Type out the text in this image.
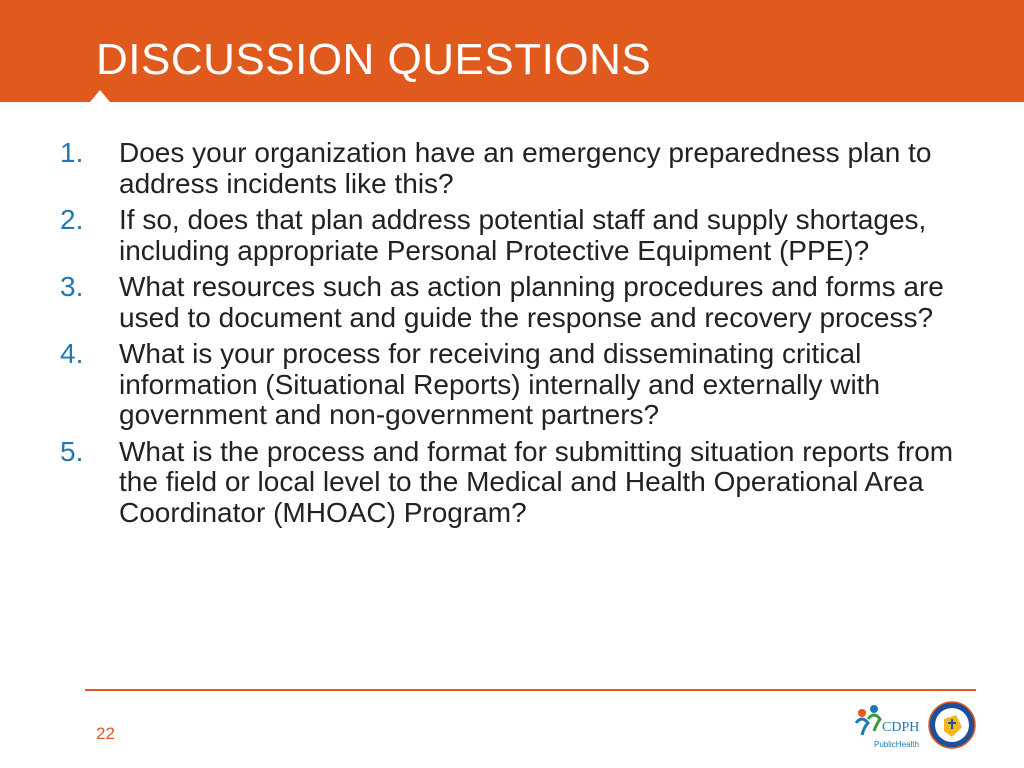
DISCUSSION QUESTIONS
1. Does your organization have an emergency preparedness plan to address incidents like this?
2. If so, does that plan address potential staff and supply shortages, including appropriate Personal Protective Equipment (PPE)?
3. What resources such as action planning procedures and forms are used to document and guide the response and recovery process?
4. What is your process for receiving and disseminating critical information (Situational Reports) internally and externally with government and non-government partners?
5. What is the process and format for submitting situation reports from the field or local level to the Medical and Health Operational Area Coordinator (MHOAC) Program?
22	CDPH
PublicHealth
